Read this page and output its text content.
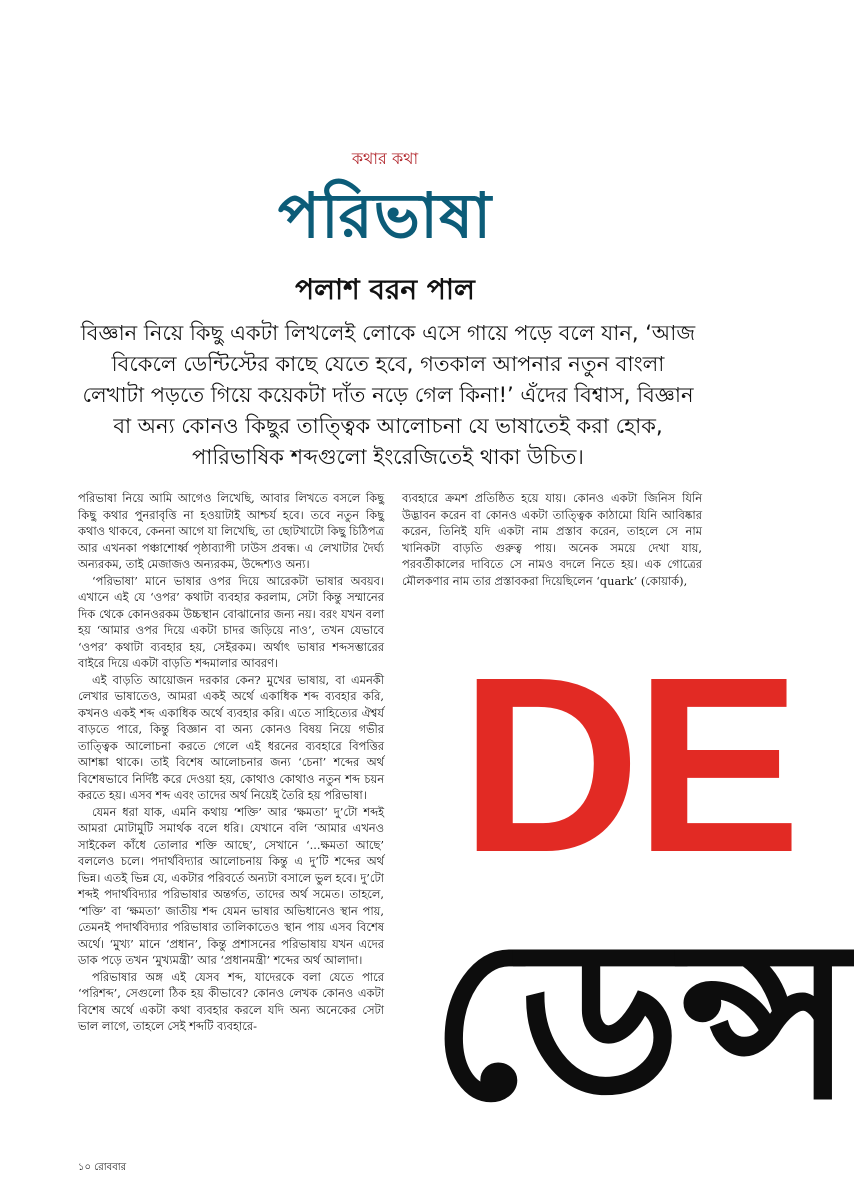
কথার কথা
পরিভাষা
পলাশ বরন পাল
বিজ্ঞান নিয়ে কিছু একটা লিখলেই লোকে এসে গায়ে পড়ে বলে যান, ‘আজ বিকেলে ডেন্টিস্টের কাছে যেতে হবে, গতকাল আপনার নতুন বাংলা লেখাটা পড়তে গিয়ে কয়েকটা দাঁত নড়ে গেল কিনা!’ এঁদের বিশ্বাস, বিজ্ঞান বা অন্য কোনও কিছুর তাত্ত্বিক আলোচনা যে ভাষাতেই করা হোক, পারিভাষিক শব্দগুলো ইংরেজিতেই থাকা উচিত।

পরিভাষা নিয়ে আমি আগেও লিখেছি, আবার লিখতে বসলে কিছু কিছু কথার পুনরাবৃত্তি না হওয়াটাই আশ্চর্য হবে। তবে নতুন কিছু কথাও থাকবে, কেননা আগে যা লিখেছি, তা ছোটখাটো কিছু চিঠিপত্র আর এখনকা পঞ্চাশোর্ধ্ব পৃষ্ঠাব্যাপী ঢাউস প্রবন্ধ। এ লেখাটার দৈর্ঘ্য অন্যরকম, তাই মেজাজও অন্যরকম, উদ্দেশ্যও অন্য।

‘পরিভাষা’ মানে ভাষার ওপর দিয়ে আরেকটা ভাষার অবয়ব। এখানে এই যে ‘ওপর’ কথাটা ব্যবহার করলাম, সেটা কিন্তু সম্মানের দিক থেকে কোনওরকম উচ্চস্থান বোঝানোর জন্য নয়। বরং যখন বলা হয় ‘আমার ওপর দিয়ে একটা চাদর জড়িয়ে নাও’, তখন যেভাবে ‘ওপর’ কথাটা ব্যবহার হয়, সেইরকম। অর্থাৎ ভাষার শব্দসম্ভারের বাইরে দিয়ে একটা বাড়তি শব্দমালার আবরণ।

এই বাড়তি আয়োজন দরকার কেন? মুখের ভাষায়, বা এমনকী লেখার ভাষাতেও, আমরা একই অর্থে একাধিক শব্দ ব্যবহার করি, কখনও একই শব্দ একাধিক অর্থে ব্যবহার করি। এতে সাহিত্যের ঐশ্বর্য বাড়তে পারে, কিন্তু বিজ্ঞান বা অন্য কোনও বিষয় নিয়ে গভীর তাত্ত্বিক আলোচনা করতে গেলে এই ধরনের ব্যবহারে বিপত্তির আশঙ্কা থাকে। তাই বিশেষ আলোচনার জন্য ‘চেনা’ শব্দের অর্থ বিশেষভাবে নির্দিষ্ট করে দেওয়া হয়, কোথাও কোথাও নতুন শব্দ চয়ন করতে হয়। এসব শব্দ এবং তাদের অর্থ নিয়েই তৈরি হয় পরিভাষা।

যেমন ধরা যাক, এমনি কথায় ‘শক্তি’ আর ‘ক্ষমতা’ দু’টো শব্দই আমরা মোটামুটি সমার্থক বলে ধরি। যেখানে বলি ‘আমার এখনও সাইকেল কাঁধে তোলার শক্তি আছে’, সেখানে ‘...ক্ষমতা আছে’ বললেও চলে। পদার্থবিদ্যার আলোচনায় কিন্তু এ দু’টি শব্দের অর্থ ভিন্ন। এতই ভিন্ন যে, একটার পরিবর্তে অন্যটা বসালে ভুল হবে। দু’টো শব্দই পদার্থবিদ্যার পরিভাষার অন্তর্গত, তাদের অর্থ সমেত। তাহলে, ‘শক্তি’ বা ‘ক্ষমতা’ জাতীয় শব্দ যেমন ভাষার অভিধানেও স্থান পায়, তেমনই পদার্থবিদ্যার পরিভাষার তালিকাতেও স্থান পায় এসব বিশেষ অর্থে। ‘মুখ্য’ মানে ‘প্রধান’, কিন্তু প্রশাসনের পরিভাষায় যখন এদের ডাক পড়ে তখন ‘মুখ্যমন্ত্রী’ আর ‘প্রধানমন্ত্রী’ শব্দের অর্থ আলাদা।

পরিভাষার অঙ্গ এই যেসব শব্দ, যাদেরকে বলা যেতে পারে ‘পরিশব্দ’, সেগুলো ঠিক হয় কীভাবে? কোনও লেখক কোনও একটা বিশেষ অর্থে একটা কথা ব্যবহার করলে যদি অন্য অনেকের সেটা ভাল লাগে, তাহলে সেই শব্দটি ব্যবহারে-

ব্যবহারে ক্রমশ প্রতিষ্ঠিত হয়ে যায়। কোনও একটা জিনিস যিনি উদ্ভাবন করেন বা কোনও একটা তাত্ত্বিক কাঠামো যিনি আবিষ্কার করেন, তিনিই যদি একটা নাম প্রস্তাব করেন, তাহলে সে নাম খানিকটা বাড়তি গুরুত্ব পায়। অনেক সময়ে দেখা যায়, পরবর্তীকালের দাবিতে সে নামও বদলে নিতে হয়। এক গোত্রের মৌলকণার নাম তার প্রস্তাবকরা দিয়েছিলেন ‘quark’ (কোয়ার্ক),

DE
ডেন্স
১০ রোববার
